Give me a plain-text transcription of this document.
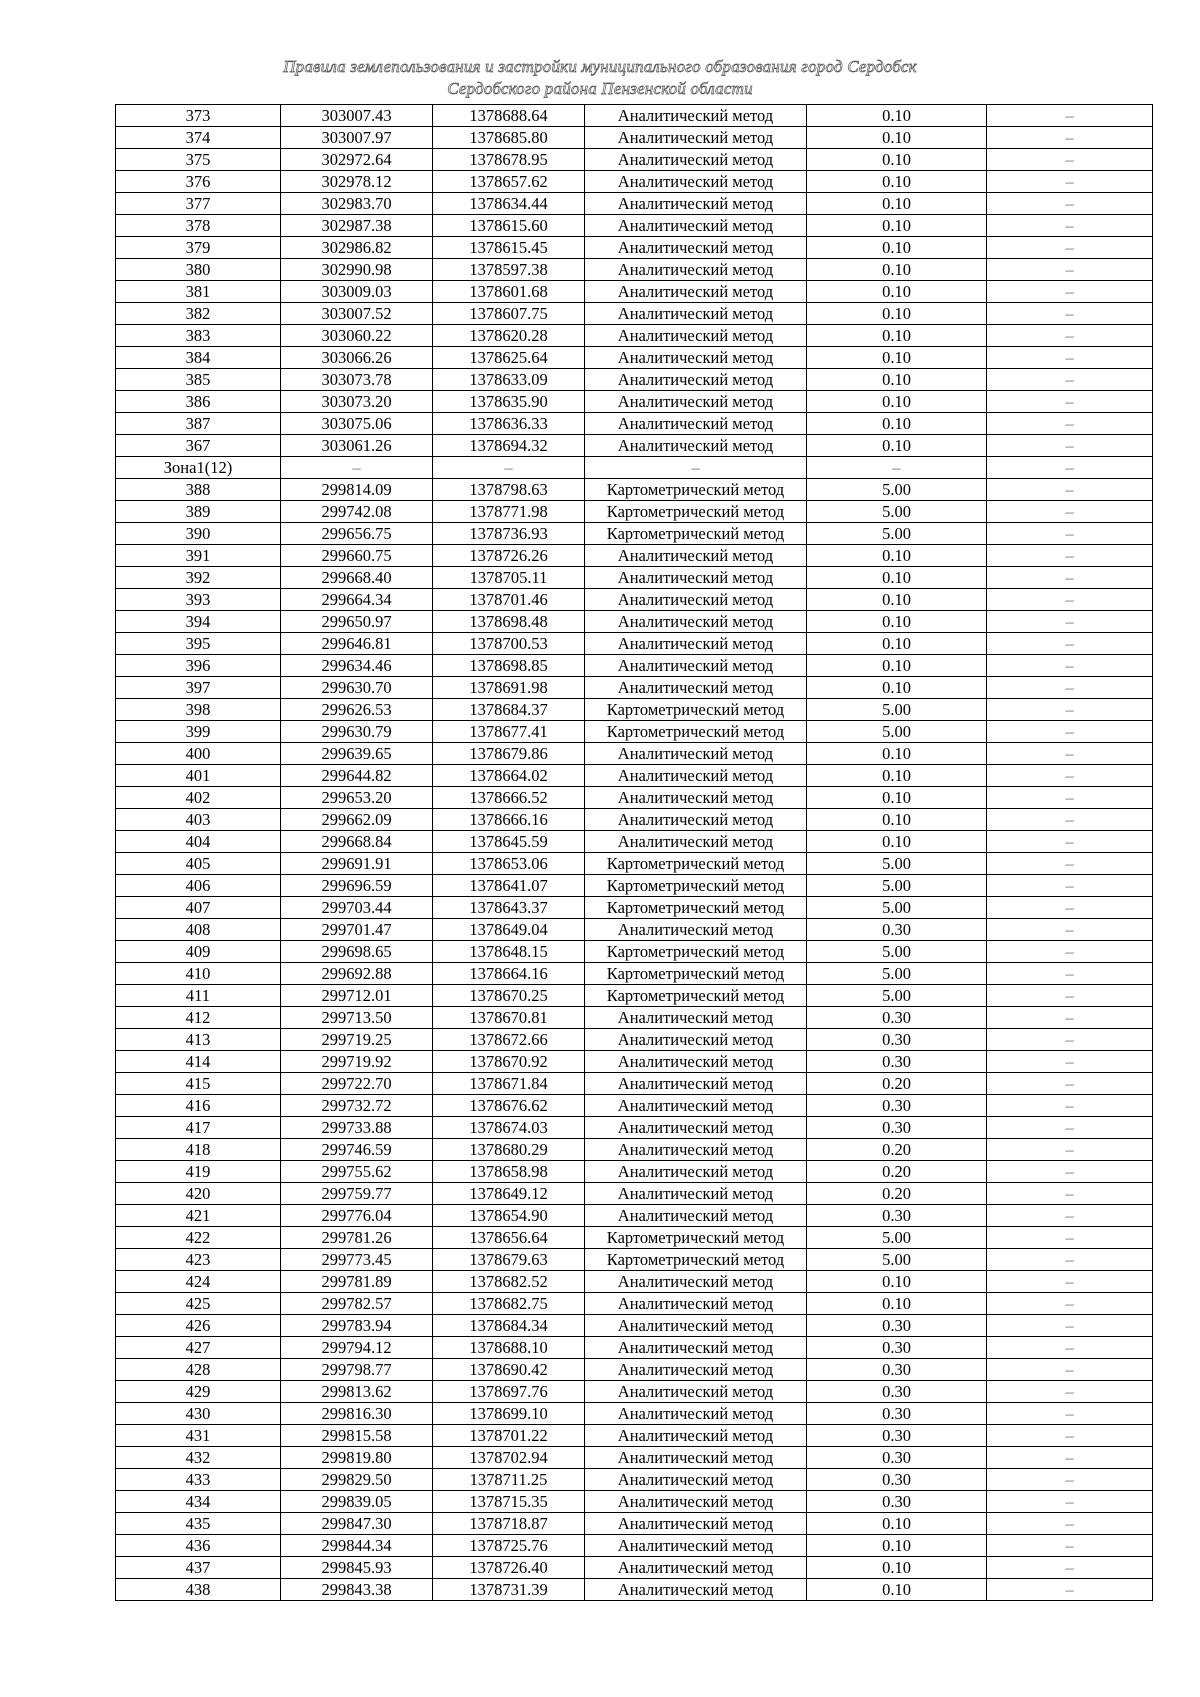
Правила землепользования и застройки муниципального образования город Сердобск
Сердобского района Пензенской области
373	303007.43	1378688.64	Аналитический метод	0.10	–
374	303007.97	1378685.80	Аналитический метод	0.10	–
375	302972.64	1378678.95	Аналитический метод	0.10	–
376	302978.12	1378657.62	Аналитический метод	0.10	–
377	302983.70	1378634.44	Аналитический метод	0.10	–
378	302987.38	1378615.60	Аналитический метод	0.10	–
379	302986.82	1378615.45	Аналитический метод	0.10	–
380	302990.98	1378597.38	Аналитический метод	0.10	–
381	303009.03	1378601.68	Аналитический метод	0.10	–
382	303007.52	1378607.75	Аналитический метод	0.10	–
383	303060.22	1378620.28	Аналитический метод	0.10	–
384	303066.26	1378625.64	Аналитический метод	0.10	–
385	303073.78	1378633.09	Аналитический метод	0.10	–
386	303073.20	1378635.90	Аналитический метод	0.10	–
387	303075.06	1378636.33	Аналитический метод	0.10	–
367	303061.26	1378694.32	Аналитический метод	0.10	–
Зона1(12)	–	–	–	–	–
388	299814.09	1378798.63	Картометрический метод	5.00	–
389	299742.08	1378771.98	Картометрический метод	5.00	–
390	299656.75	1378736.93	Картометрический метод	5.00	–
391	299660.75	1378726.26	Аналитический метод	0.10	–
392	299668.40	1378705.11	Аналитический метод	0.10	–
393	299664.34	1378701.46	Аналитический метод	0.10	–
394	299650.97	1378698.48	Аналитический метод	0.10	–
395	299646.81	1378700.53	Аналитический метод	0.10	–
396	299634.46	1378698.85	Аналитический метод	0.10	–
397	299630.70	1378691.98	Аналитический метод	0.10	–
398	299626.53	1378684.37	Картометрический метод	5.00	–
399	299630.79	1378677.41	Картометрический метод	5.00	–
400	299639.65	1378679.86	Аналитический метод	0.10	–
401	299644.82	1378664.02	Аналитический метод	0.10	–
402	299653.20	1378666.52	Аналитический метод	0.10	–
403	299662.09	1378666.16	Аналитический метод	0.10	–
404	299668.84	1378645.59	Аналитический метод	0.10	–
405	299691.91	1378653.06	Картометрический метод	5.00	–
406	299696.59	1378641.07	Картометрический метод	5.00	–
407	299703.44	1378643.37	Картометрический метод	5.00	–
408	299701.47	1378649.04	Аналитический метод	0.30	–
409	299698.65	1378648.15	Картометрический метод	5.00	–
410	299692.88	1378664.16	Картометрический метод	5.00	–
411	299712.01	1378670.25	Картометрический метод	5.00	–
412	299713.50	1378670.81	Аналитический метод	0.30	–
413	299719.25	1378672.66	Аналитический метод	0.30	–
414	299719.92	1378670.92	Аналитический метод	0.30	–
415	299722.70	1378671.84	Аналитический метод	0.20	–
416	299732.72	1378676.62	Аналитический метод	0.30	–
417	299733.88	1378674.03	Аналитический метод	0.30	–
418	299746.59	1378680.29	Аналитический метод	0.20	–
419	299755.62	1378658.98	Аналитический метод	0.20	–
420	299759.77	1378649.12	Аналитический метод	0.20	–
421	299776.04	1378654.90	Аналитический метод	0.30	–
422	299781.26	1378656.64	Картометрический метод	5.00	–
423	299773.45	1378679.63	Картометрический метод	5.00	–
424	299781.89	1378682.52	Аналитический метод	0.10	–
425	299782.57	1378682.75	Аналитический метод	0.10	–
426	299783.94	1378684.34	Аналитический метод	0.30	–
427	299794.12	1378688.10	Аналитический метод	0.30	–
428	299798.77	1378690.42	Аналитический метод	0.30	–
429	299813.62	1378697.76	Аналитический метод	0.30	–
430	299816.30	1378699.10	Аналитический метод	0.30	–
431	299815.58	1378701.22	Аналитический метод	0.30	–
432	299819.80	1378702.94	Аналитический метод	0.30	–
433	299829.50	1378711.25	Аналитический метод	0.30	–
434	299839.05	1378715.35	Аналитический метод	0.30	–
435	299847.30	1378718.87	Аналитический метод	0.10	–
436	299844.34	1378725.76	Аналитический метод	0.10	–
437	299845.93	1378726.40	Аналитический метод	0.10	–
438	299843.38	1378731.39	Аналитический метод	0.10	–
